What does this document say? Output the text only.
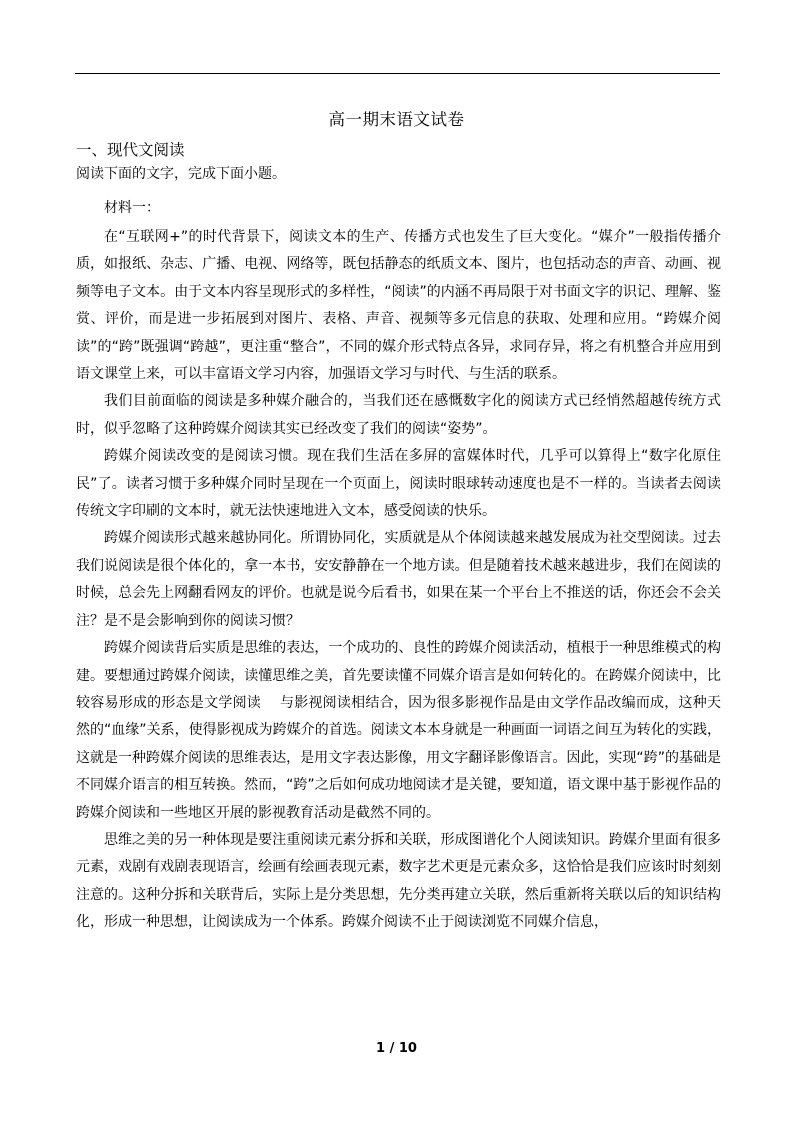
高一期末语文试卷
一、现代文阅读
阅读下面的文字，完成下面小题。
材料一：

在“互联网+”的时代背景下，阅读文本的生产、传播方式也发生了巨大变化。“媒介”一般指传播介质，如报纸、杂志、广播、电视、网络等，既包括静态的纸质文本、图片，也包括动态的声音、动画、视频等电子文本。由于文本内容呈现形式的多样性，“阅读”的内涵不再局限于对书面文字的识记、理解、鉴赏、评价，而是进一步拓展到对图片、表格、声音、视频等多元信息的获取、处理和应用。“跨媒介阅读”的“跨”既强调“跨越”，更注重“整合”，不同的媒介形式特点各异，求同存异，将之有机整合并应用到语文课堂上来，可以丰富语文学习内容，加强语文学习与时代、与生活的联系。

我们目前面临的阅读是多种媒介融合的，当我们还在感慨数字化的阅读方式已经悄然超越传统方式时，似乎忽略了这种跨媒介阅读其实已经改变了我们的阅读“姿势”。

跨媒介阅读改变的是阅读习惯。现在我们生活在多屏的富媒体时代，几乎可以算得上“数字化原住民”了。读者习惯于多种媒介同时呈现在一个页面上，阅读时眼球转动速度也是不一样的。当读者去阅读传统文字印刷的文本时，就无法快速地进入文本，感受阅读的快乐。

跨媒介阅读形式越来越协同化。所谓协同化，实质就是从个体阅读越来越发展成为社交型阅读。过去我们说阅读是很个体化的，拿一本书，安安静静在一个地方读。但是随着技术越来越进步，我们在阅读的时候，总会先上网翻看网友的评价。也就是说今后看书，如果在某一个平台上不推送的话，你还会不会关注？是不是会影响到你的阅读习惯？

跨媒介阅读背后实质是思维的表达，一个成功的、良性的跨媒介阅读活动，植根于一种思维模式的构建。要想通过跨媒介阅读，读懂思维之美，首先要读懂不同媒介语言是如何转化的。在跨媒介阅读中，比较容易形成的形态是文学阅读　 与影视阅读相结合，因为很多影视作品是由文学作品改编而成，这种天然的“血缘”关系，使得影视成为跨媒介的首选。阅读文本本身就是一种画面一词语之间互为转化的实践，这就是一种跨媒介阅读的思维表达，是用文字表达影像，用文字翻译影像语言。因此，实现“跨”的基础是不同媒介语言的相互转换。然而，“跨”之后如何成功地阅读才是关键，要知道，语文课中基于影视作品的跨媒介阅读和一些地区开展的影视教育活动是截然不同的。

思维之美的另一种体现是要注重阅读元素分拆和关联，形成图谱化个人阅读知识。跨媒介里面有很多元素，戏剧有戏剧表现语言，绘画有绘画表现元素，数字艺术更是元素众多，这恰恰是我们应该时时刻刻注意的。这种分拆和关联背后，实际上是分类思想，先分类再建立关联，然后重新将关联以后的知识结构化，形成一种思想，让阅读成为一个体系。跨媒介阅读不止于阅读浏览不同媒介信息，

1 / 10
